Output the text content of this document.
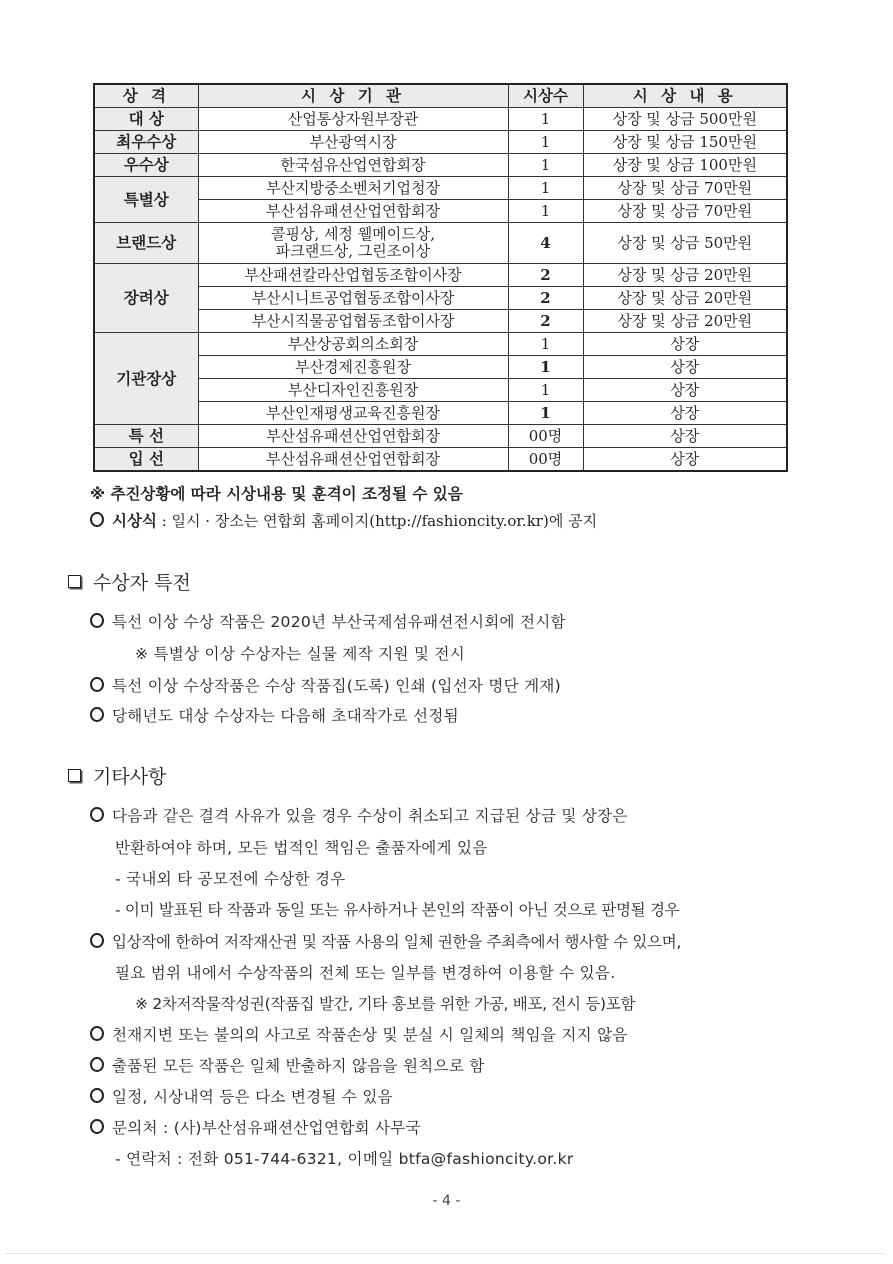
상 격	시 상 기 관	시상수	시 상 내 용
대 상	산업통상자원부장관	1	상장 및 상금 500만원
최우수상	부산광역시장	1	상장 및 상금 150만원
우수상	한국섬유산업연합회장	1	상장 및 상금 100만원
특별상	부산지방중소벤처기업청장	1	상장 및 상금 70만원
	부산섬유패션산업연합회장	1	상장 및 상금 70만원
브랜드상	콜핑상, 세정 웰메이드상,
파크랜드상, 그린조이상	4	상장 및 상금 50만원
장려상	부산패션칼라산업협동조합이사장	2	상장 및 상금 20만원
	부산시니트공업협동조합이사장	2	상장 및 상금 20만원
	부산시직물공업협동조합이사장	2	상장 및 상금 20만원
기관장상	부산상공회의소회장	1	상장
	부산경제진흥원장	1	상장
	부산디자인진흥원장	1	상장
	부산인재평생교육진흥원장	1	상장
특 선	부산섬유패션산업연합회장	00명	상장
입 선	부산섬유패션산업연합회장	00명	상장
※ 추진상황에 따라 시상내용 및 훈격이 조정될 수 있음
시상식 : 일시 · 장소는 연합회 홈페이지(http://fashioncity.or.kr)에 공지
수상자 특전
특선 이상 수상 작품은 2020년 부산국제섬유패션전시회에 전시함
※ 특별상 이상 수상자는 실물 제작 지원 및 전시
특선 이상 수상작품은 수상 작품집(도록) 인쇄 (입선자 명단 게재)
당해년도 대상 수상자는 다음해 초대작가로 선정됨
기타사항
다음과 같은 결격 사유가 있을 경우 수상이 취소되고 지급된 상금 및 상장은
반환하여야 하며, 모든 법적인 책임은 출품자에게 있음
- 국내외 타 공모전에 수상한 경우
- 이미 발표된 타 작품과 동일 또는 유사하거나 본인의 작품이 아닌 것으로 판명될 경우
입상작에 한하여 저작재산권 및 작품 사용의 일체 권한을 주최측에서 행사할 수 있으며,
필요 범위 내에서 수상작품의 전체 또는 일부를 변경하여 이용할 수 있음.
※ 2차저작물작성권(작품집 발간, 기타 홍보를 위한 가공, 배포, 전시 등)포함
천재지변 또는 불의의 사고로 작품손상 및 분실 시 일체의 책임을 지지 않음
출품된 모든 작품은 일체 반출하지 않음을 원칙으로 함
일정, 시상내역 등은 다소 변경될 수 있음
문의처 : (사)부산섬유패션산업연합회 사무국
- 연락처 : 전화 051-744-6321, 이메일 btfa@fashioncity.or.kr
- 4 -
